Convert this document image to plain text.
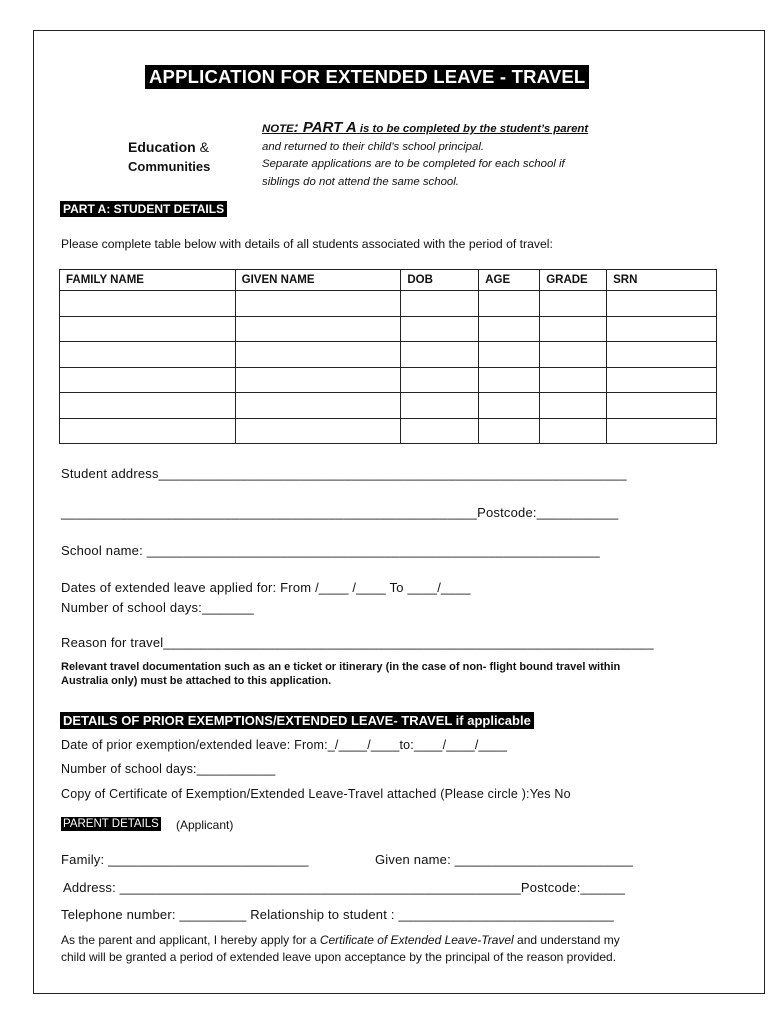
APPLICATION FOR EXTENDED LEAVE - TRAVEL
Education &
Communities
NOTE: PART A is to be completed by the student’s parent
and returned to their child’s school principal.
Separate applications are to be completed for each school if
siblings do not attend the same school.
PART A: STUDENT DETAILS
Please complete table below with details of all students associated with the period of travel:
FAMILY NAME	GIVEN NAME	DOB	AGE	GRADE	SRN

Student address_______________________________________________________________
________________________________________________________Postcode:___________
School name: _____________________________________________________________
Dates of extended leave applied for: From /____ /____ To ____/____
Number of school days:_______
Reason for travel__________________________________________________________________
Relevant travel documentation such as an e ticket or itinerary (in the case of non- flight bound travel within
Australia only) must be attached to this application.
DETAILS OF PRIOR EXEMPTIONS/EXTENDED LEAVE- TRAVEL if applicable
Date of prior exemption/extended leave: From:_/____/____to:____/____/____
Number of school days:___________
Copy of Certificate of Exemption/Extended Leave-Travel attached (Please circle ):Yes No
PARENT DETAILS (Applicant)
Family: ___________________________	Given name: ________________________
Address: ______________________________________________________Postcode:______
Telephone number: _________ Relationship to student : _____________________________
As the parent and applicant, I hereby apply for a Certificate of Extended Leave-Travel and understand my
child will be granted a period of extended leave upon acceptance by the principal of the reason provided.
